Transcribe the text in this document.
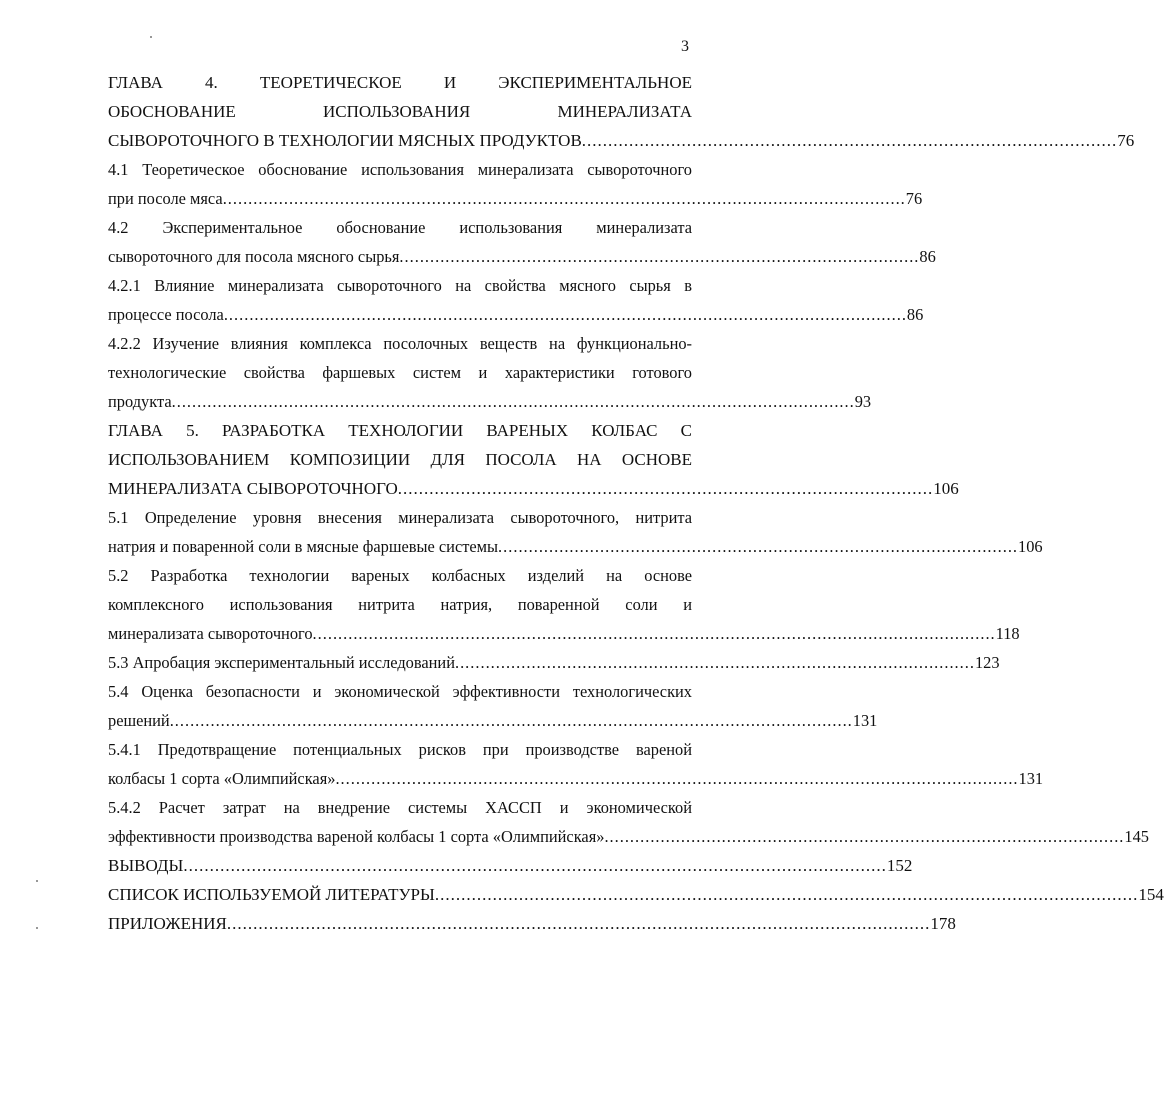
3
ГЛАВА 4. ТЕОРЕТИЧЕСКОЕ И ЭКСПЕРИМЕНТАЛЬНОЕ
ОБОСНОВАНИЕ ИСПОЛЬЗОВАНИЯ МИНЕРАЛИЗАТА
СЫВОРОТОЧНОГО В ТЕХНОЛОГИИ МЯСНЫХ ПРОДУКТОВ ...................................................................................................... 76
4.1 Теоретическое обоснование использования минерализата сывороточного
при посоле мяса ...................................................................................................................................... 76
4.2 Экспериментальное обоснование использования минерализата
сывороточного для посола мясного сырья ...................................................................................................... 86
4.2.1 Влияние минерализата сывороточного на свойства мясного сырья в
процессе посола ...................................................................................................................................... 86
4.2.2 Изучение влияния комплекса посолочных веществ на функционально-
технологические свойства фаршевых систем и характеристики готового
продукта ...................................................................................................................................... 93
ГЛАВА 5. РАЗРАБОТКА ТЕХНОЛОГИИ ВАРЕНЫХ КОЛБАС С
ИСПОЛЬЗОВАНИЕМ КОМПОЗИЦИИ ДЛЯ ПОСОЛА НА ОСНОВЕ
МИНЕРАЛИЗАТА СЫВОРОТОЧНОГО ...................................................................................................... 106
5.1 Определение уровня внесения минерализата сывороточного, нитрита
натрия и поваренной соли в мясные фаршевые системы ...................................................................................................... 106
5.2 Разработка технологии вареных колбасных изделий на основе
комплексного использования нитрита натрия, поваренной соли и
минерализата сывороточного ...................................................................................................................................... 118
5.3 Апробация экспериментальный исследований ...................................................................................................... 123
5.4 Оценка безопасности и экономической эффективности технологических
решений ...................................................................................................................................... 131
5.4.1 Предотвращение потенциальных рисков при производстве вареной
колбасы 1 сорта «Олимпийская» ...................................................................................................................................... 131
5.4.2 Расчет затрат на внедрение системы ХАССП и экономической
эффективности производства вареной колбасы 1 сорта «Олимпийская» ...................................................................................................... 145
ВЫВОДЫ ...................................................................................................................................... 152
СПИСОК ИСПОЛЬЗУЕМОЙ ЛИТЕРАТУРЫ ...................................................................................................................................... 154
ПРИЛОЖЕНИЯ ...................................................................................................................................... 178
